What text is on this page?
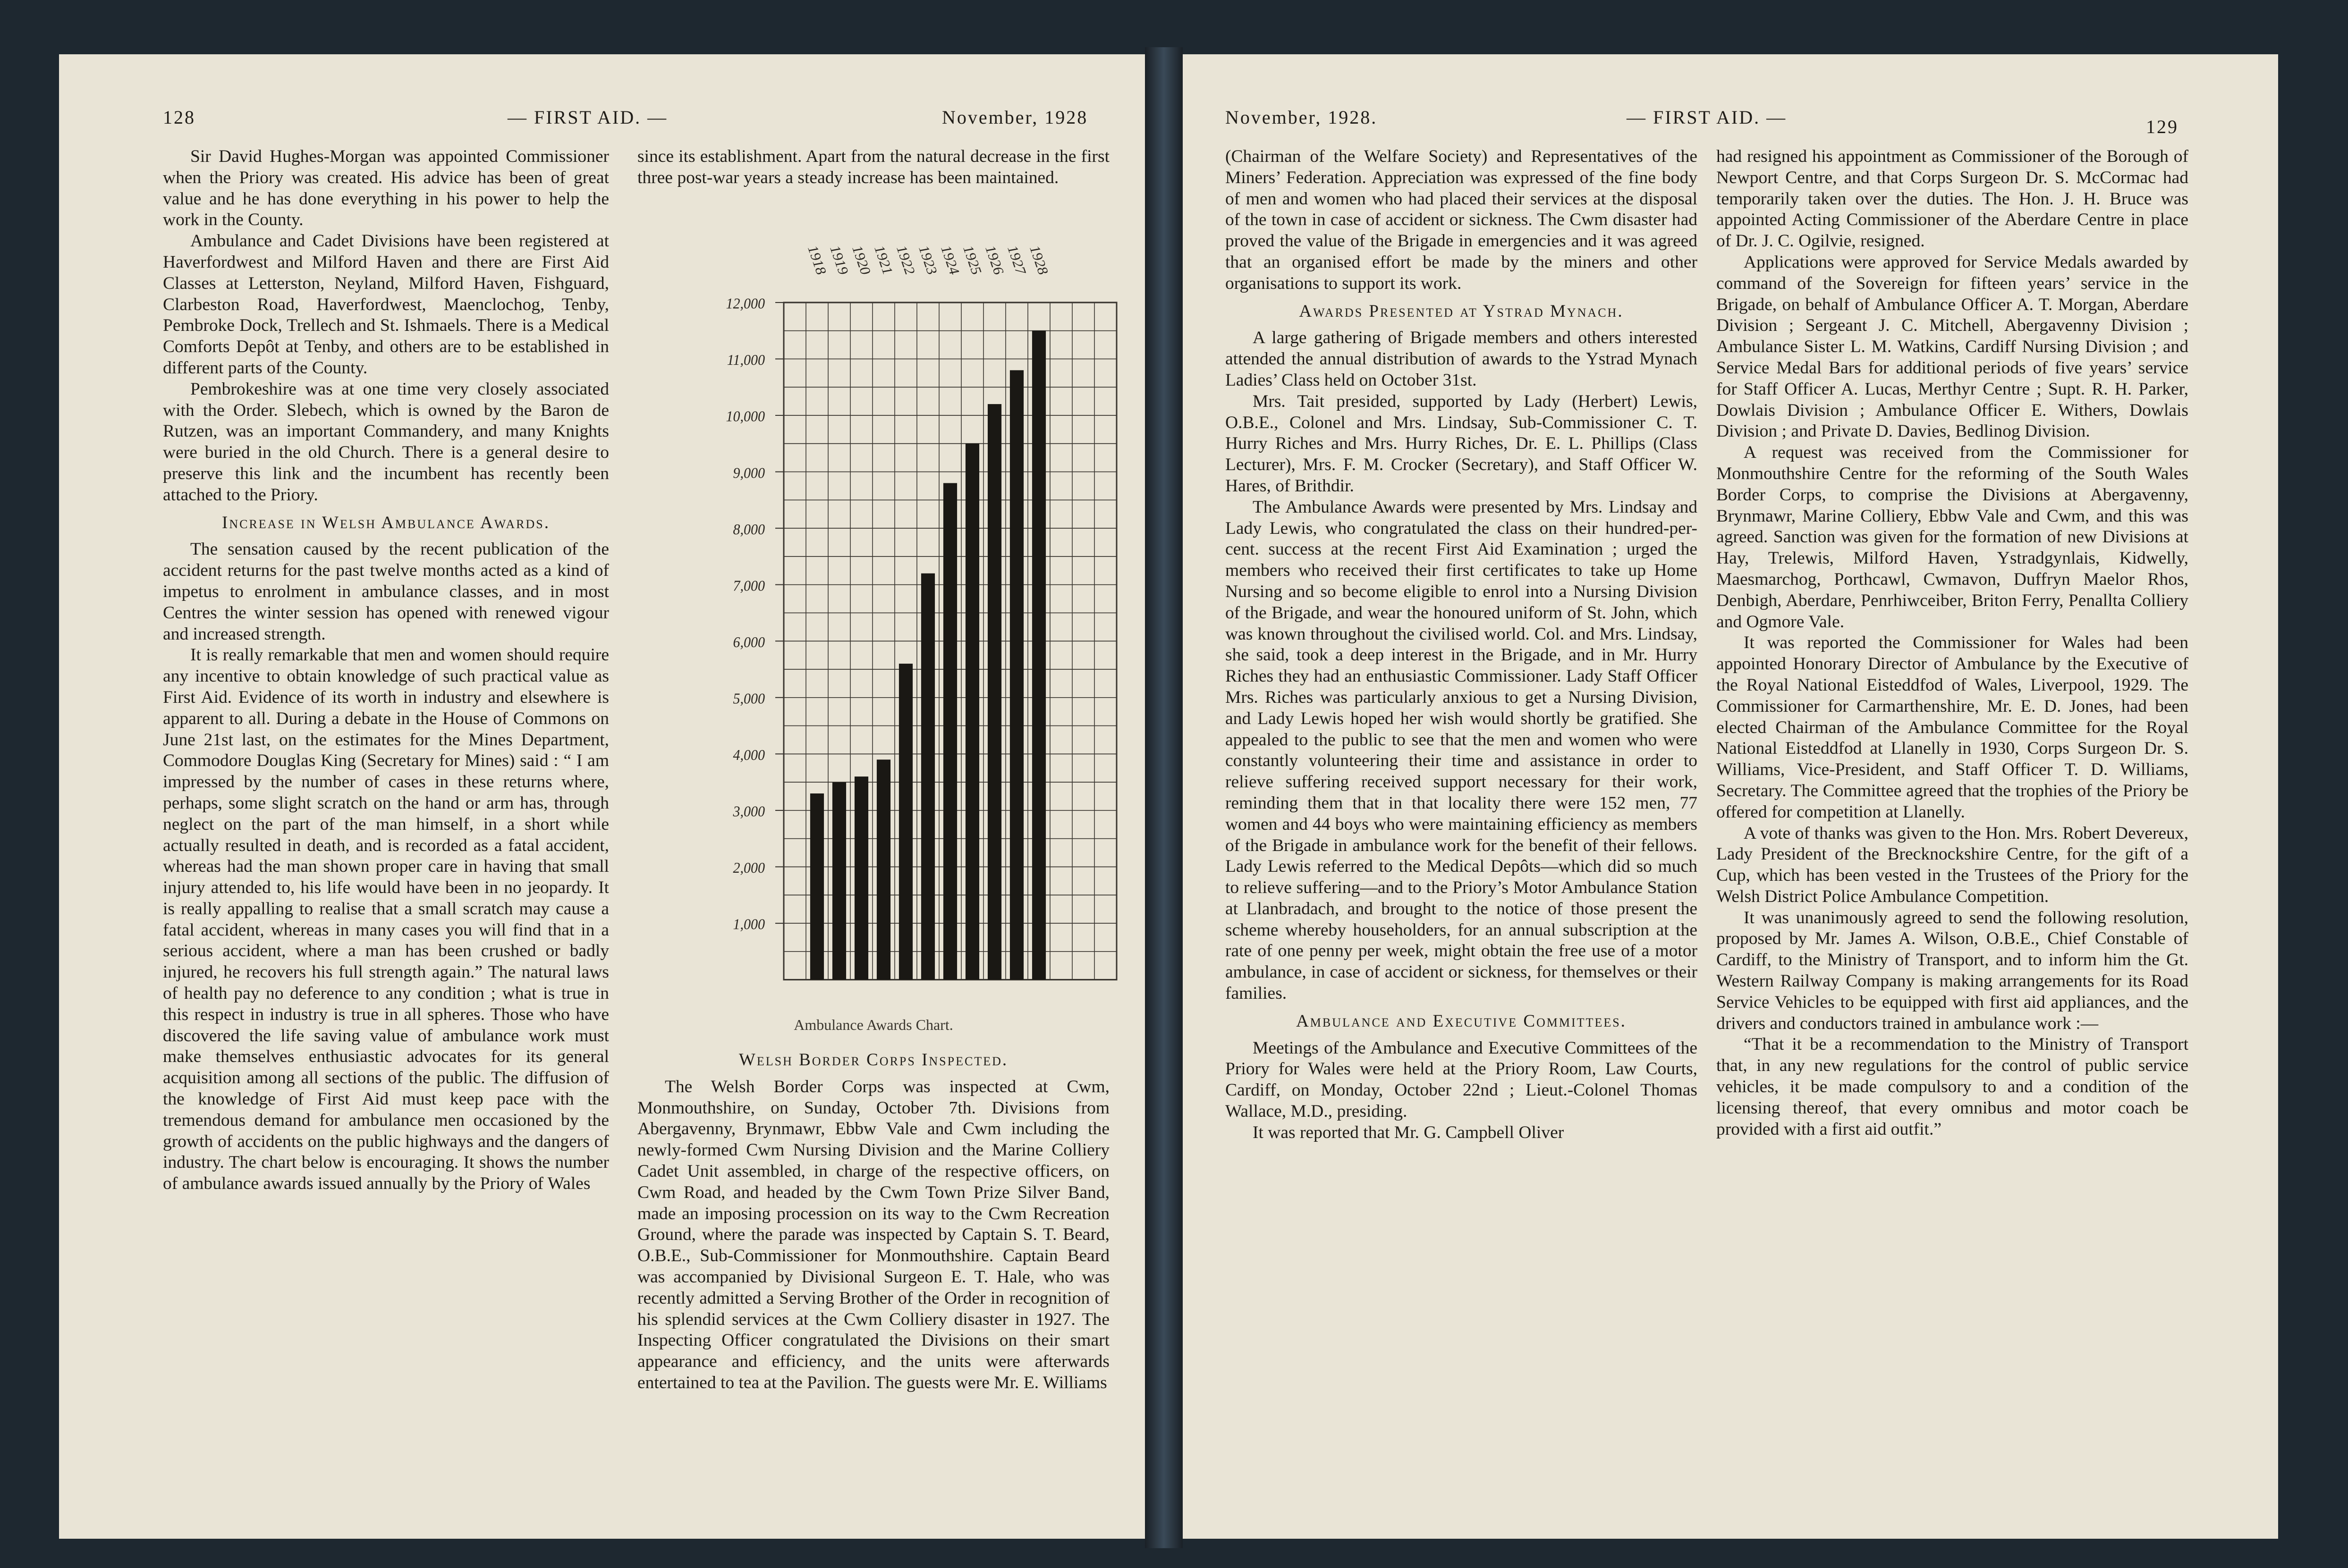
128	— FIRST AID. —	November, 1928

Sir David Hughes-Morgan was appointed Commissioner when the Priory was created. His advice has been of great value and he has done everything in his power to help the work in the County.

Ambulance and Cadet Divisions have been registered at Haverfordwest and Milford Haven and there are First Aid Classes at Letterston, Neyland, Milford Haven, Fishguard, Clarbeston Road, Haverfordwest, Maenclochog, Tenby, Pembroke Dock, Trellech and St. Ishmaels. There is a Medical Comforts Depôt at Tenby, and others are to be established in different parts of the County.

Pembrokeshire was at one time very closely associated with the Order. Slebech, which is owned by the Baron de Rutzen, was an important Commandery, and many Knights were buried in the old Church. There is a general desire to preserve this link and the incumbent has recently been attached to the Priory.

Increase in Welsh Ambulance Awards.

The sensation caused by the recent publication of the accident returns for the past twelve months acted as a kind of impetus to enrolment in ambulance classes, and in most Centres the winter session has opened with renewed vigour and increased strength.

It is really remarkable that men and women should require any incentive to obtain knowledge of such practical value as First Aid. Evidence of its worth in industry and elsewhere is apparent to all. During a debate in the House of Commons on June 21st last, on the estimates for the Mines Department, Commodore Douglas King (Secretary for Mines) said : “ I am impressed by the number of cases in these returns where, perhaps, some slight scratch on the hand or arm has, through neglect on the part of the man himself, in a short while actually resulted in death, and is recorded as a fatal accident, whereas had the man shown proper care in having that small injury attended to, his life would have been in no jeopardy. It is really appalling to realise that a small scratch may cause a fatal accident, whereas in many cases you will find that in a serious accident, where a man has been crushed or badly injured, he recovers his full strength again.” The natural laws of health pay no deference to any condition ; what is true in this respect in industry is true in all spheres. Those who have discovered the life saving value of ambulance work must make themselves enthusiastic advocates for its general acquisition among all sections of the public. The diffusion of the knowledge of First Aid must keep pace with the tremendous demand for ambulance men occasioned by the growth of accidents on the public highways and the dangers of industry. The chart below is encouraging. It shows the number of ambulance awards issued annually by the Priory of Wales

since its establishment. Apart from the natural decrease in the first three post-war years a steady increase has been maintained.

12,000
11,000
10,000
9,000
8,000
7,000
6,000
5,000
4,000
3,000
2,000
1,000
1918
1919
1920
1921
1922
1923
1924
1925
1926
1927
1928
Ambulance Awards Chart.
Welsh Border Corps Inspected.

The Welsh Border Corps was inspected at Cwm, Monmouthshire, on Sunday, October 7th. Divisions from Abergavenny, Brynmawr, Ebbw Vale and Cwm including the newly-formed Cwm Nursing Division and the Marine Colliery Cadet Unit assembled, in charge of the respective officers, on Cwm Road, and headed by the Cwm Town Prize Silver Band, made an imposing procession on its way to the Cwm Recreation Ground, where the parade was inspected by Captain S. T. Beard, O.B.E., Sub-Commissioner for Monmouthshire. Captain Beard was accompanied by Divisional Surgeon E. T. Hale, who was recently admitted a Serving Brother of the Order in recognition of his splendid services at the Cwm Colliery disaster in 1927. The Inspecting Officer congratulated the Divisions on their smart appearance and efficiency, and the units were afterwards entertained to tea at the Pavilion. The guests were Mr. E. Williams

November, 1928.	— FIRST AID. —	129

(Chairman of the Welfare Society) and Representatives of the Miners’ Federation. Appreciation was expressed of the fine body of men and women who had placed their services at the disposal of the town in case of accident or sickness. The Cwm disaster had proved the value of the Brigade in emergencies and it was agreed that an organised effort be made by the miners and other organisations to support its work.

Awards Presented at Ystrad Mynach.

A large gathering of Brigade members and others interested attended the annual distribution of awards to the Ystrad Mynach Ladies’ Class held on October 31st.

Mrs. Tait presided, supported by Lady (Herbert) Lewis, O.B.E., Colonel and Mrs. Lindsay, Sub-Commissioner C. T. Hurry Riches and Mrs. Hurry Riches, Dr. E. L. Phillips (Class Lecturer), Mrs. F. M. Crocker (Secretary), and Staff Officer W. Hares, of Brithdir.

The Ambulance Awards were presented by Mrs. Lindsay and Lady Lewis, who congratulated the class on their hundred-per-cent. success at the recent First Aid Examination ; urged the members who received their first certificates to take up Home Nursing and so become eligible to enrol into a Nursing Division of the Brigade, and wear the honoured uniform of St. John, which was known throughout the civilised world. Col. and Mrs. Lindsay, she said, took a deep interest in the Brigade, and in Mr. Hurry Riches they had an enthusiastic Commissioner. Lady Staff Officer Mrs. Riches was particularly anxious to get a Nursing Division, and Lady Lewis hoped her wish would shortly be gratified. She appealed to the public to see that the men and women who were constantly volunteering their time and assistance in order to relieve suffering received support necessary for their work, reminding them that in that locality there were 152 men, 77 women and 44 boys who were maintaining efficiency as members of the Brigade in ambulance work for the benefit of their fellows. Lady Lewis referred to the Medical Depôts—which did so much to relieve suffering—and to the Priory’s Motor Ambulance Station at Llanbradach, and brought to the notice of those present the scheme whereby householders, for an annual subscription at the rate of one penny per week, might obtain the free use of a motor ambulance, in case of accident or sickness, for themselves or their families.

Ambulance and Executive Committees.

Meetings of the Ambulance and Executive Committees of the Priory for Wales were held at the Priory Room, Law Courts, Cardiff, on Monday, October 22nd ; Lieut.-Colonel Thomas Wallace, M.D., presiding.

It was reported that Mr. G. Campbell Oliver

had resigned his appointment as Commissioner of the Borough of Newport Centre, and that Corps Surgeon Dr. S. McCormac had temporarily taken over the duties. The Hon. J. H. Bruce was appointed Acting Commissioner of the Aberdare Centre in place of Dr. J. C. Ogilvie, resigned.

Applications were approved for Service Medals awarded by command of the Sovereign for fifteen years’ service in the Brigade, on behalf of Ambulance Officer A. T. Morgan, Aberdare Division ; Sergeant J. C. Mitchell, Abergavenny Division ; Ambulance Sister L. M. Watkins, Cardiff Nursing Division ; and Service Medal Bars for additional periods of five years’ service for Staff Officer A. Lucas, Merthyr Centre ; Supt. R. H. Parker, Dowlais Division ; Ambulance Officer E. Withers, Dowlais Division ; and Private D. Davies, Bedlinog Division.

A request was received from the Commissioner for Monmouthshire Centre for the reforming of the South Wales Border Corps, to comprise the Divisions at Abergavenny, Brynmawr, Marine Colliery, Ebbw Vale and Cwm, and this was agreed. Sanction was given for the formation of new Divisions at Hay, Trelewis, Milford Haven, Ystradgynlais, Kidwelly, Maesmarchog, Porthcawl, Cwmavon, Duffryn Maelor Rhos, Denbigh, Aberdare, Penrhiwceiber, Briton Ferry, Penallta Colliery and Ogmore Vale.

It was reported the Commissioner for Wales had been appointed Honorary Director of Ambulance by the Executive of the Royal National Eisteddfod of Wales, Liverpool, 1929. The Commissioner for Carmarthenshire, Mr. E. D. Jones, had been elected Chairman of the Ambulance Committee for the Royal National Eisteddfod at Llanelly in 1930, Corps Surgeon Dr. S. Williams, Vice-President, and Staff Officer T. D. Williams, Secretary. The Committee agreed that the trophies of the Priory be offered for competition at Llanelly.

A vote of thanks was given to the Hon. Mrs. Robert Devereux, Lady President of the Brecknockshire Centre, for the gift of a Cup, which has been vested in the Trustees of the Priory for the Welsh District Police Ambulance Competition.

It was unanimously agreed to send the following resolution, proposed by Mr. James A. Wilson, O.B.E., Chief Constable of Cardiff, to the Ministry of Transport, and to inform him the Gt. Western Railway Company is making arrangements for its Road Service Vehicles to be equipped with first aid appliances, and the drivers and conductors trained in ambulance work :—

“That it be a recommendation to the Ministry of Transport that, in any new regulations for the control of public service vehicles, it be made compulsory to and a condition of the licensing thereof, that every omnibus and motor coach be provided with a first aid outfit.”
